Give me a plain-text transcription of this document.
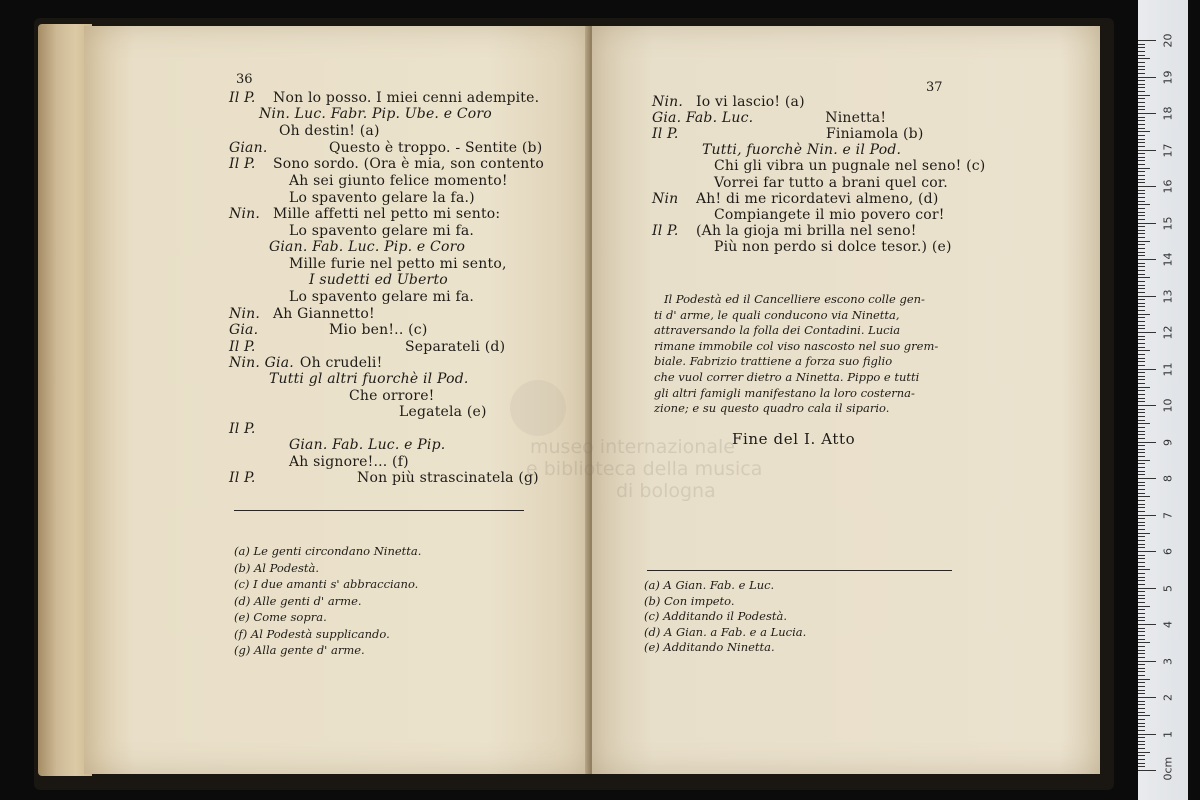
36
Il P. Non lo posso. I miei cenni adempite.
Nin. Luc. Fabr. Pip. Ube. e Coro
Oh destin! (a)
Gian.	Questo è troppo. - Sentite (b)
Il P. Sono sordo. (Ora è mia, son contento
Ah sei giunto felice momento!
Lo spavento gelare la fa.)
Nin. Mille affetti nel petto mi sento:
Lo spavento gelare mi fa.
Gian. Fab. Luc. Pip. e Coro
Mille furie nel petto mi sento,
I sudetti ed Uberto
Lo spavento gelare mi fa.
Nin. Ah Giannetto!
Gia.	Mio ben!.. (c)
Il P.	Separateli (d)
Nin. Gia. Oh crudeli!
Tutti gl altri fuorchè il Pod.
Che orrore!
Legatela (e)
Il P.
Gian. Fab. Luc. e Pip.
Ah signore!... (f)
Il P.	Non più strascinatela (g)
(a) Le genti circondano Ninetta.
(b) Al Podestà.
(c) I due amanti s' abbracciano.
(d) Alle genti d' arme.
(e) Come sopra.
(f) Al Podestà supplicando.
(g) Alla gente d' arme.
37
Nin. Io vi lascio! (a)
Gia. Fab. Luc.	Ninetta!
Il P.	Finiamola (b)
Tutti, fuorchè Nin. e il Pod.
Chi gli vibra un pugnale nel seno! (c)
Vorrei far tutto a brani quel cor.
Nin Ah! di me ricordatevi almeno, (d)
Compiangete il mio povero cor!
Il P. (Ah la gioja mi brilla nel seno!
Più non perdo si dolce tesor.) (e)
Il Podestà ed il Cancelliere escono colle gen-
ti d' arme, le quali conducono via Ninetta,
attraversando la folla dei Contadini. Lucia
rimane immobile col viso nascosto nel suo grem-
biale. Fabrizio trattiene a forza suo figlio
che vuol correr dietro a Ninetta. Pippo e tutti
gli altri famigli manifestano la loro costerna-
zione; e su questo quadro cala il sipario.
Fine del I. Atto
(a) A Gian. Fab. e Luc.
(b) Con impeto.
(c) Additando il Podestà.
(d) A Gian. a Fab. e a Lucia.
(e) Additando Ninetta.
museo internazionale
e biblioteca della musica
di bologna
0cm
1
2
3
4
5
6
7
8
9
10
11
12
13
14
15
16
17
18
19
20
